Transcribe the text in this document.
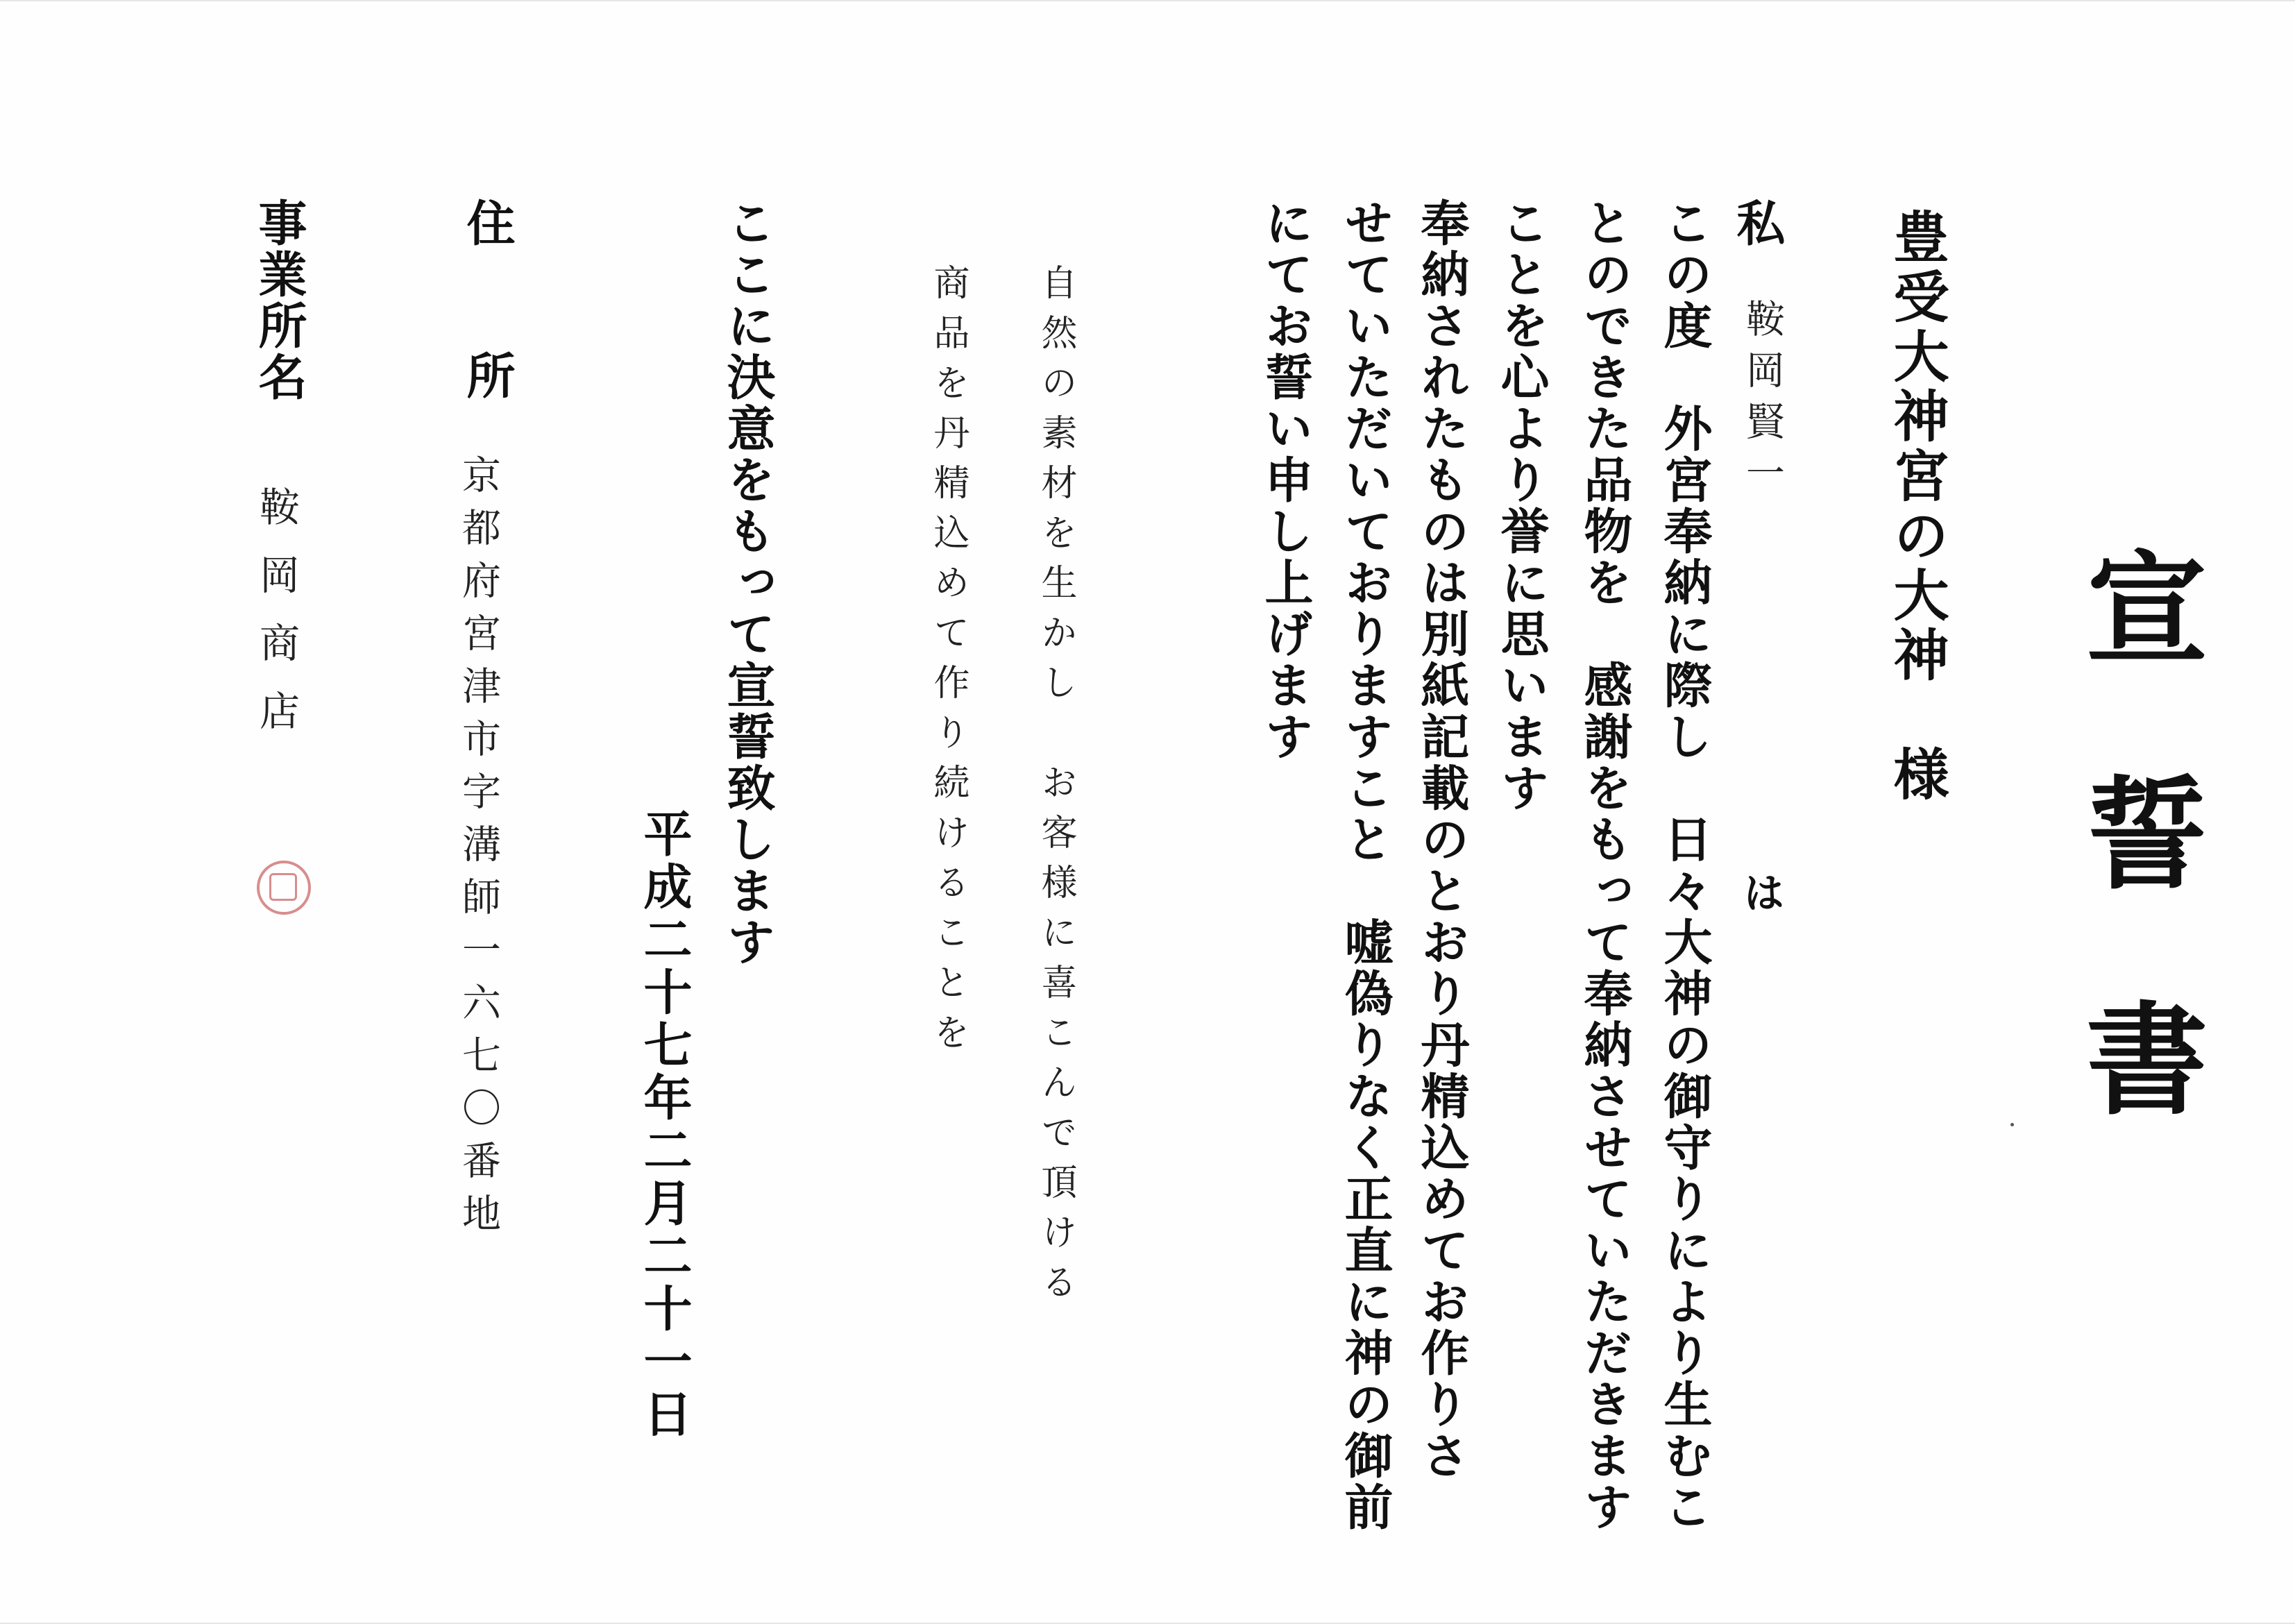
宣誓書
豊受大神宮の大神　様
私
鞍岡賢一
は
この度　外宮奉納に際し　日々大神の御守りにより生むこ
とのできた品物を　感謝をもって奉納させていただきます
ことを心より誉に思います
奉納されたものは別紙記載のとおり丹精込めてお作りさ
せていただいておりますこと　嘘偽りなく正直に神の御前
にてお誓い申し上げます
自然の素材を生かし　お客様に喜こんで頂ける
商品を丹精込めて作り続けることを
ここに決意をもって宣誓致します
平成二十七年二月二十一日
住所
京都府宮津市字溝師一六七〇番地
事業所名
鞍岡商店
